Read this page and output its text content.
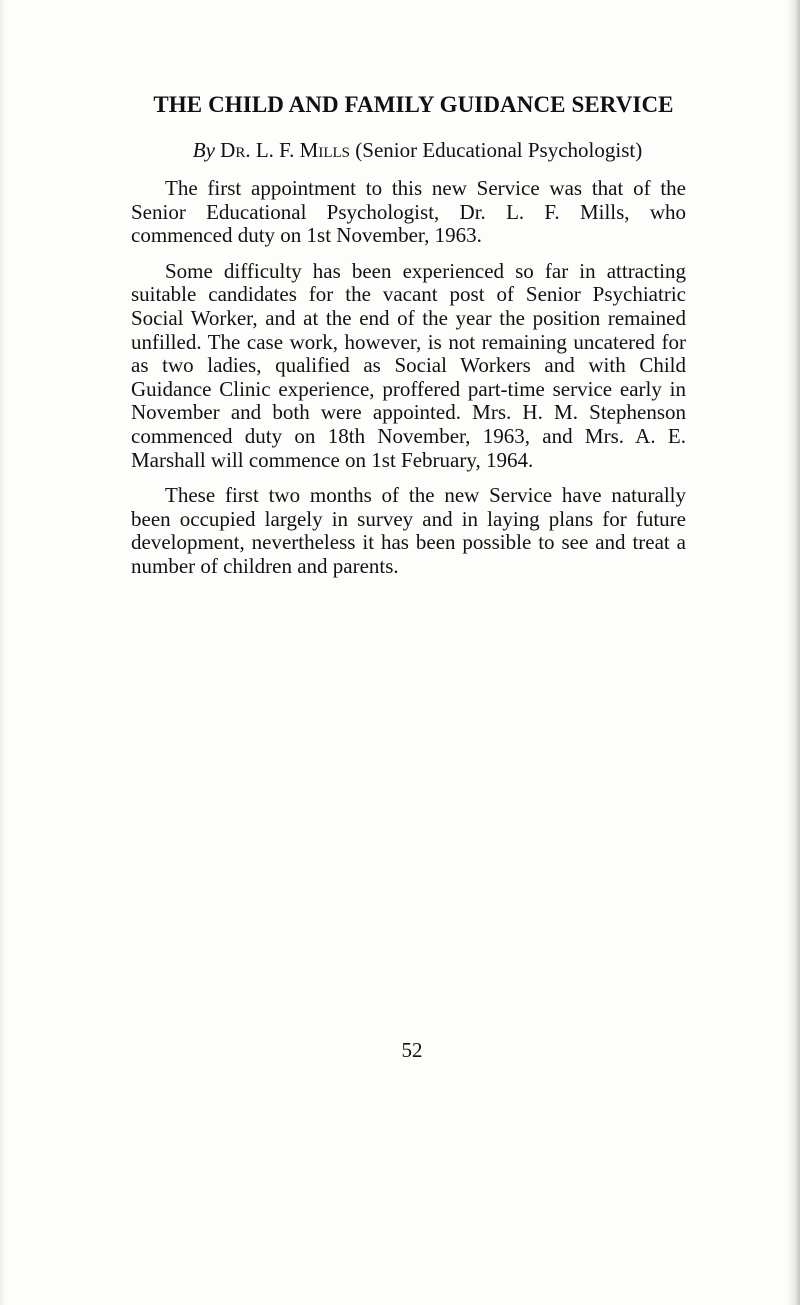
THE CHILD AND FAMILY GUIDANCE SERVICE
By Dr. L. F. Mills (Senior Educational Psychologist)

The first appointment to this new Service was that of the Senior Educational Psychologist, Dr. L. F. Mills, who commenced duty on 1st November, 1963.

Some difficulty has been experienced so far in attracting suitable candidates for the vacant post of Senior Psychiatric Social Worker, and at the end of the year the position remained unfilled. The case work, however, is not remaining uncatered for as two ladies, qualified as Social Workers and with Child Guidance Clinic experience, proffered part-time service early in November and both were appointed. Mrs. H. M. Stephenson commenced duty on 18th November, 1963, and Mrs. A. E. Marshall will commence on 1st February, 1964.

These first two months of the new Service have naturally been occupied largely in survey and in laying plans for future development, nevertheless it has been possible to see and treat a number of children and parents.

52
